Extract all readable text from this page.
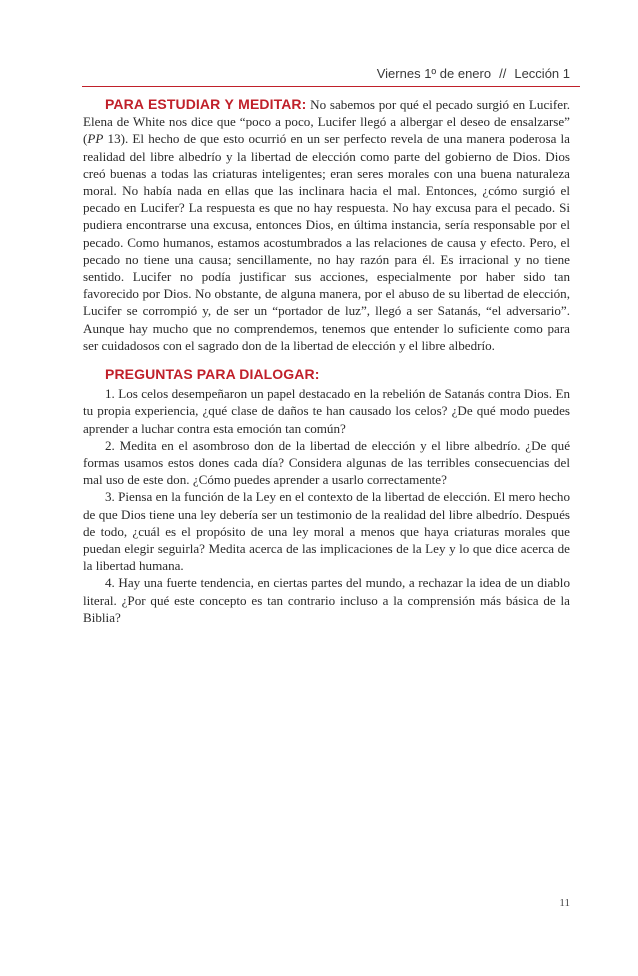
Viernes 1º de enero // Lección 1

PARA ESTUDIAR Y MEDITAR: No sabemos por qué el pecado surgió en Lucifer. Elena de White nos dice que “poco a poco, Lucifer llegó a albergar el deseo de ensalzarse” (PP 13). El hecho de que esto ocurrió en un ser perfecto revela de una manera poderosa la realidad del libre albedrío y la libertad de elección como parte del gobierno de Dios. Dios creó buenas a todas las criaturas inteligentes; eran seres morales con una buena naturaleza moral. No había nada en ellas que las inclinara hacia el mal. Entonces, ¿cómo surgió el pecado en Lucifer? La respuesta es que no hay respuesta. No hay excusa para el pecado. Si pudiera encontrarse una excusa, entonces Dios, en última instancia, sería responsable por el pecado. Como humanos, estamos acostumbrados a las relaciones de causa y efecto. Pero, el pecado no tiene una causa; sencillamente, no hay razón para él. Es irracional y no tiene sentido. Lucifer no podía justificar sus acciones, especialmente por haber sido tan favorecido por Dios. No obstante, de alguna manera, por el abuso de su libertad de elección, Lucifer se corrompió y, de ser un “portador de luz”, llegó a ser Satanás, “el adversario”. Aunque hay mucho que no comprendemos, tenemos que entender lo suficiente como para ser cuidadosos con el sagrado don de la libertad de elección y el libre albedrío.

PREGUNTAS PARA DIALOGAR:

1. Los celos desempeñaron un papel destacado en la rebelión de Satanás contra Dios. En tu propia experiencia, ¿qué clase de daños te han causado los celos? ¿De qué modo puedes aprender a luchar contra esta emoción tan común?

2. Medita en el asombroso don de la libertad de elección y el libre albedrío. ¿De qué formas usamos estos dones cada día? Considera algunas de las terribles consecuencias del mal uso de este don. ¿Cómo puedes aprender a usarlo correctamente?

3. Piensa en la función de la Ley en el contexto de la libertad de elección. El mero hecho de que Dios tiene una ley debería ser un testimonio de la realidad del libre albedrío. Después de todo, ¿cuál es el propósito de una ley moral a menos que haya criaturas morales que puedan elegir seguirla? Medita acerca de las implicaciones de la Ley y lo que dice acerca de la libertad humana.

4. Hay una fuerte tendencia, en ciertas partes del mundo, a rechazar la idea de un diablo literal. ¿Por qué este concepto es tan contrario incluso a la comprensión más básica de la Biblia?

11
